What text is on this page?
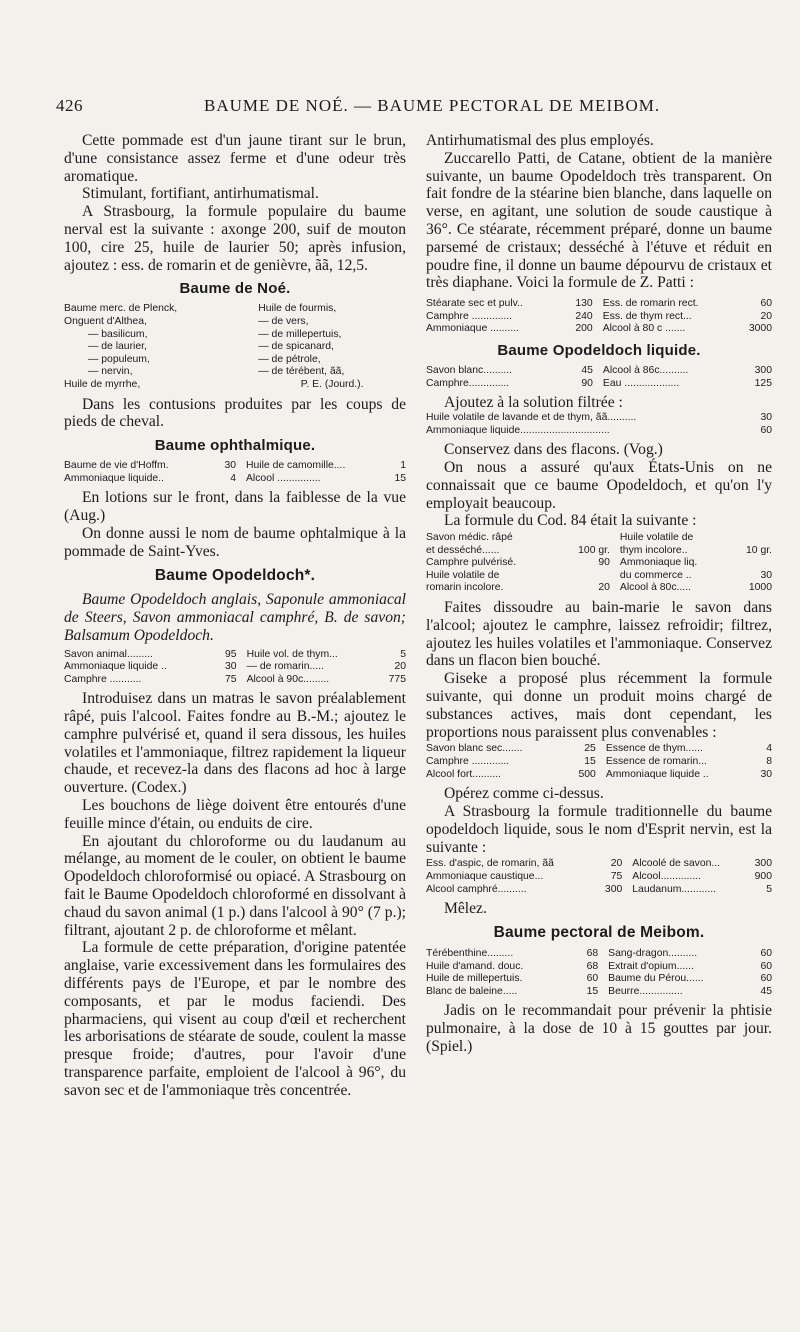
426	BAUME DE NOÉ. — BAUME PECTORAL DE MEIBOM.

Cette pommade est d'un jaune tirant sur le brun, d'une consistance assez ferme et d'une odeur très aromatique.

Stimulant, fortifiant, antirhumatismal.

A Strasbourg, la formule populaire du baume nerval est la suivante : axonge 200, suif de mouton 100, cire 25, huile de laurier 50; après infusion, ajoutez : ess. de romarin et de genièvre, ãã, 12,5.

Baume de Noé.
Baume merc. de Plenck,	Huile de fourmis,
Onguent d'Althea,	— de vers,
— basilicum,	— de millepertuis,
— de laurier,	— de spicanard,
— populeum,	— de pétrole,
— nervin,	— de térébent, ãã,
Huile de myrrhe,	P. E. (Jourd.).

Dans les contusions produites par les coups de pieds de cheval.

Baume ophthalmique.
Baume de vie d'Hoffm.	30	Huile de camomille....	1
Ammoniaque liquide..	4	Alcool ...............	15

En lotions sur le front, dans la faiblesse de la vue (Aug.)

On donne aussi le nom de baume ophtalmique à la pommade de Saint-Yves.

Baume Opodeldoch*.

Baume Opodeldoch anglais, Saponule ammoniacal de Steers, Savon ammoniacal camphré, B. de savon; Balsamum Opodeldoch.

Savon animal.........	95	Huile vol. de thym...	5
Ammoniaque liquide ..	30	— de romarin.....	20
Camphre ...........	75	Alcool à 90c.........	775

Introduisez dans un matras le savon préalablement râpé, puis l'alcool. Faites fondre au B.-M.; ajoutez le camphre pulvérisé et, quand il sera dissous, les huiles volatiles et l'ammoniaque, filtrez rapidement la liqueur chaude, et recevez-la dans des flacons ad hoc à large ouverture. (Codex.)

Les bouchons de liège doivent être entourés d'une feuille mince d'étain, ou enduits de cire.

En ajoutant du chloroforme ou du laudanum au mélange, au moment de le couler, on obtient le baume Opodeldoch chloroformisé ou opiacé. A Strasbourg on fait le Baume Opodeldoch chloroformé en dissolvant à chaud du savon animal (1 p.) dans l'alcool à 90° (7 p.); filtrant, ajoutant 2 p. de chloroforme et mêlant.

La formule de cette préparation, d'origine patentée anglaise, varie excessivement dans les formulaires des différents pays de l'Europe, et par le nombre des composants, et par le modus faciendi. Des pharmaciens, qui visent au coup d'œil et recherchent les arborisations de stéarate de soude, coulent la masse presque froide; d'autres, pour l'avoir d'une transparence parfaite, emploient de l'alcool à 96°, du savon sec et de l'ammoniaque très concentrée.

Antirhumatismal des plus employés.

Zuccarello Patti, de Catane, obtient de la manière suivante, un baume Opodeldoch très transparent. On fait fondre de la stéarine bien blanche, dans laquelle on verse, en agitant, une solution de soude caustique à 36°. Ce stéarate, récemment préparé, donne un baume parsemé de cristaux; desséché à l'étuve et réduit en poudre fine, il donne un baume dépourvu de cristaux et très diaphane. Voici la formule de Z. Patti :

Stéarate sec et pulv..	130	Ess. de romarin rect.	60
Camphre ..............	240	Ess. de thym rect...	20
Ammoniaque ..........	200	Alcool à 80 c .......	3000
Baume Opodeldoch liquide.
Savon blanc..........	45	Alcool à 86c..........	300
Camphre..............	90	Eau ...................	125

Ajoutez à la solution filtrée :

Huile volatile de lavande et de thym, ãã..........	30
Ammoniaque liquide...............................	60

Conservez dans des flacons. (Vog.)

On nous a assuré qu'aux États-Unis on ne connaissait que ce baume Opodeldoch, et qu'on l'y employait beaucoup.

La formule du Cod. 84 était la suivante :

Savon médic. râpé		Huile volatile de	
et desséché......	100 gr.	thym incolore..	10 gr.
Camphre pulvérisé.	90	Ammoniaque liq.	
Huile volatile de		du commerce ..	30
romarin incolore.	20	Alcool à 80c.....	1000

Faites dissoudre au bain-marie le savon dans l'alcool; ajoutez le camphre, laissez refroidir; filtrez, ajoutez les huiles volatiles et l'ammoniaque. Conservez dans un flacon bien bouché.

Giseke a proposé plus récemment la formule suivante, qui donne un produit moins chargé de substances actives, mais dont cependant, les proportions nous paraissent plus convenables :

Savon blanc sec.......	25	Essence de thym......	4
Camphre .............	15	Essence de romarin...	8
Alcool fort..........	500	Ammoniaque liquide ..	30

Opérez comme ci-dessus.

A Strasbourg la formule traditionnelle du baume opodeldoch liquide, sous le nom d'Esprit nervin, est la suivante :

Ess. d'aspic, de romarin, ãã	20	Alcoolé de savon...	300
Ammoniaque caustique...	75	Alcool..............	900
Alcool camphré..........	300	Laudanum............	5

Mêlez.

Baume pectoral de Meibom.
Térébenthine.........	68	Sang-dragon..........	60
Huile d'amand. douc.	68	Extrait d'opium......	60
Huile de millepertuis.	60	Baume du Pérou......	60
Blanc de baleine.....	15	Beurre...............	45

Jadis on le recommandait pour prévenir la phtisie pulmonaire, à la dose de 10 à 15 gouttes par jour. (Spiel.)
